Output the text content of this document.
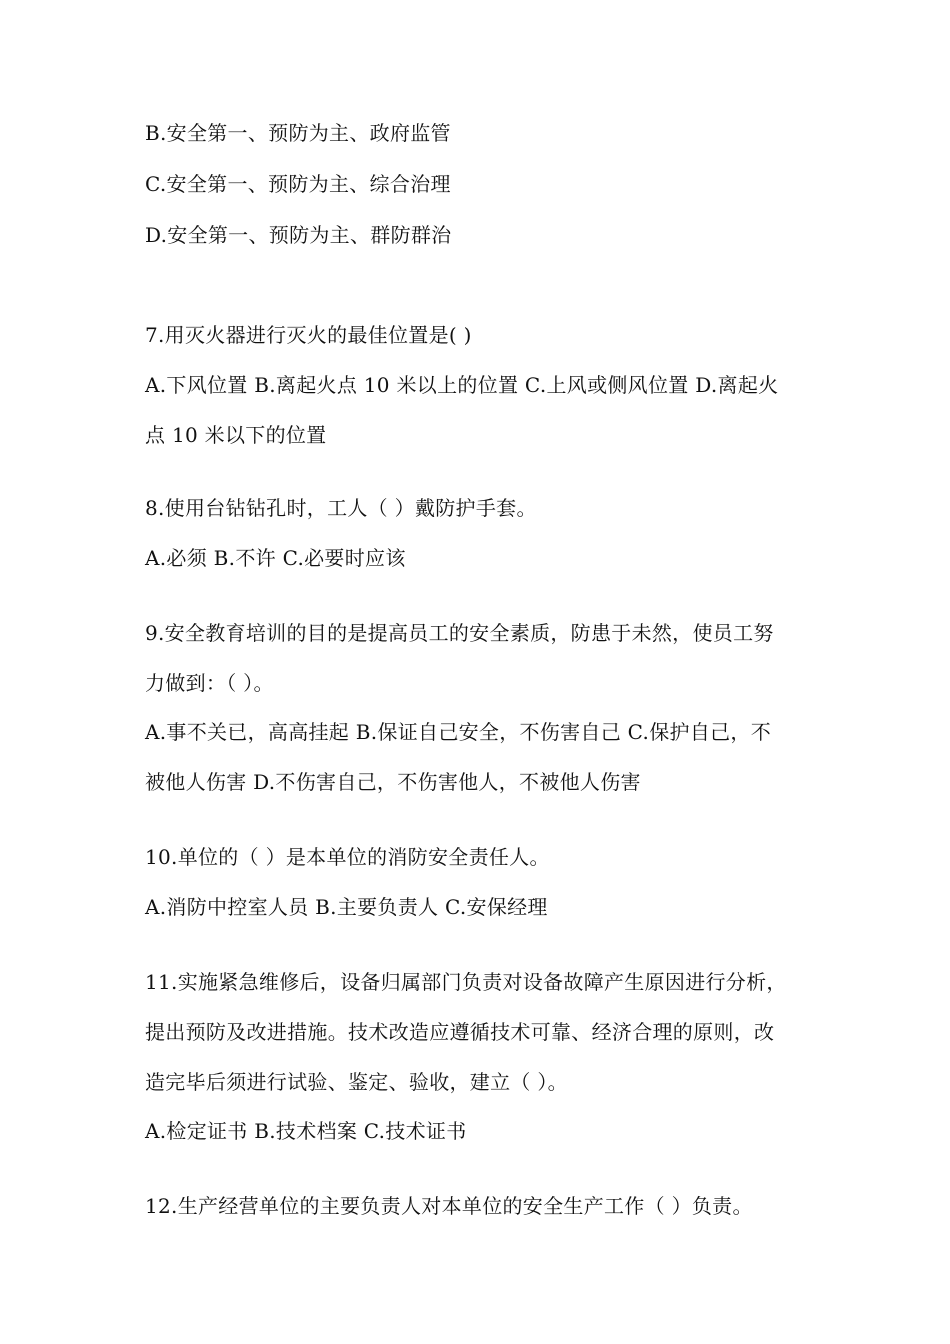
B.安全第一、预防为主、政府监管
C.安全第一、预防为主、综合治理
D.安全第一、预防为主、群防群治
7.用灭火器进行灭火的最佳位置是( )
A.下风位置 B.离起火点 10 米以上的位置 C.上风或侧风位置 D.离起火
点 10 米以下的位置
8.使用台钻钻孔时，工人（ ）戴防护手套。
A.必须 B.不许 C.必要时应该
9.安全教育培训的目的是提高员工的安全素质，防患于未然，使员工努
力做到：（ ）。
A.事不关已，高高挂起 B.保证自己安全，不伤害自己 C.保护自己，不
被他人伤害 D.不伤害自己，不伤害他人，不被他人伤害
10.单位的（ ）是本单位的消防安全责任人。
A.消防中控室人员 B.主要负责人 C.安保经理
11.实施紧急维修后，设备归属部门负责对设备故障产生原因进行分析，
提出预防及改进措施。技术改造应遵循技术可靠、经济合理的原则，改
造完毕后须进行试验、鉴定、验收，建立（ ）。
A.检定证书 B.技术档案 C.技术证书
12.生产经营单位的主要负责人对本单位的安全生产工作（ ）负责。
